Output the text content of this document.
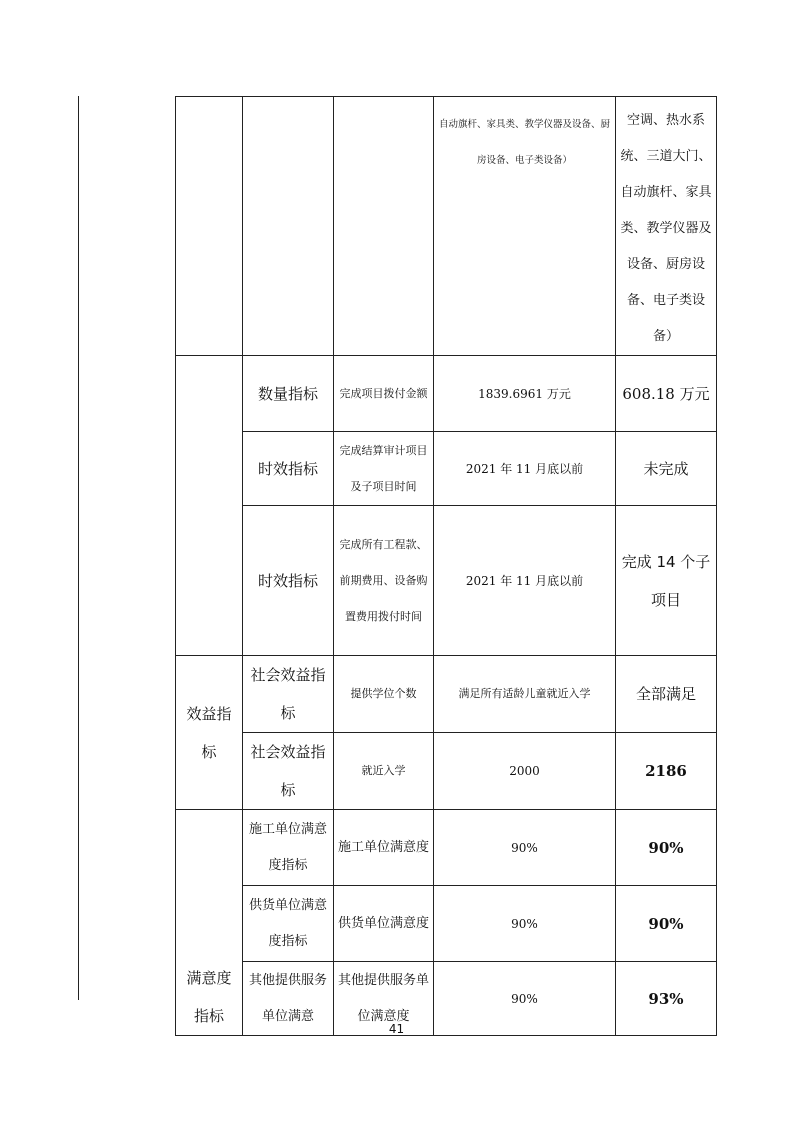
			自动旗杆、家具类、教学仪器及设备、厨房设备、电子类设备）	空调、热水系统、三道大门、自动旗杆、家具类、教学仪器及设备、厨房设备、电子类设备）
	数量指标	完成项目拨付金额	1839.6961 万元	608.18 万元
	时效指标	完成结算审计项目及子项目时间	2021 年 11 月底以前	未完成
	时效指标	完成所有工程款、前期费用、设备购置费用拨付时间	2021 年 11 月底以前	完成 14 个子项目
效益指标	社会效益指标	提供学位个数	满足所有适龄儿童就近入学	全部满足
	社会效益指标	就近入学	2000	2186
满意度指标	施工单位满意度指标	施工单位满意度	90%	90%
	供货单位满意度指标	供货单位满意度	90%	90%
	其他提供服务单位满意	其他提供服务单位满意度	90%	93%
41
